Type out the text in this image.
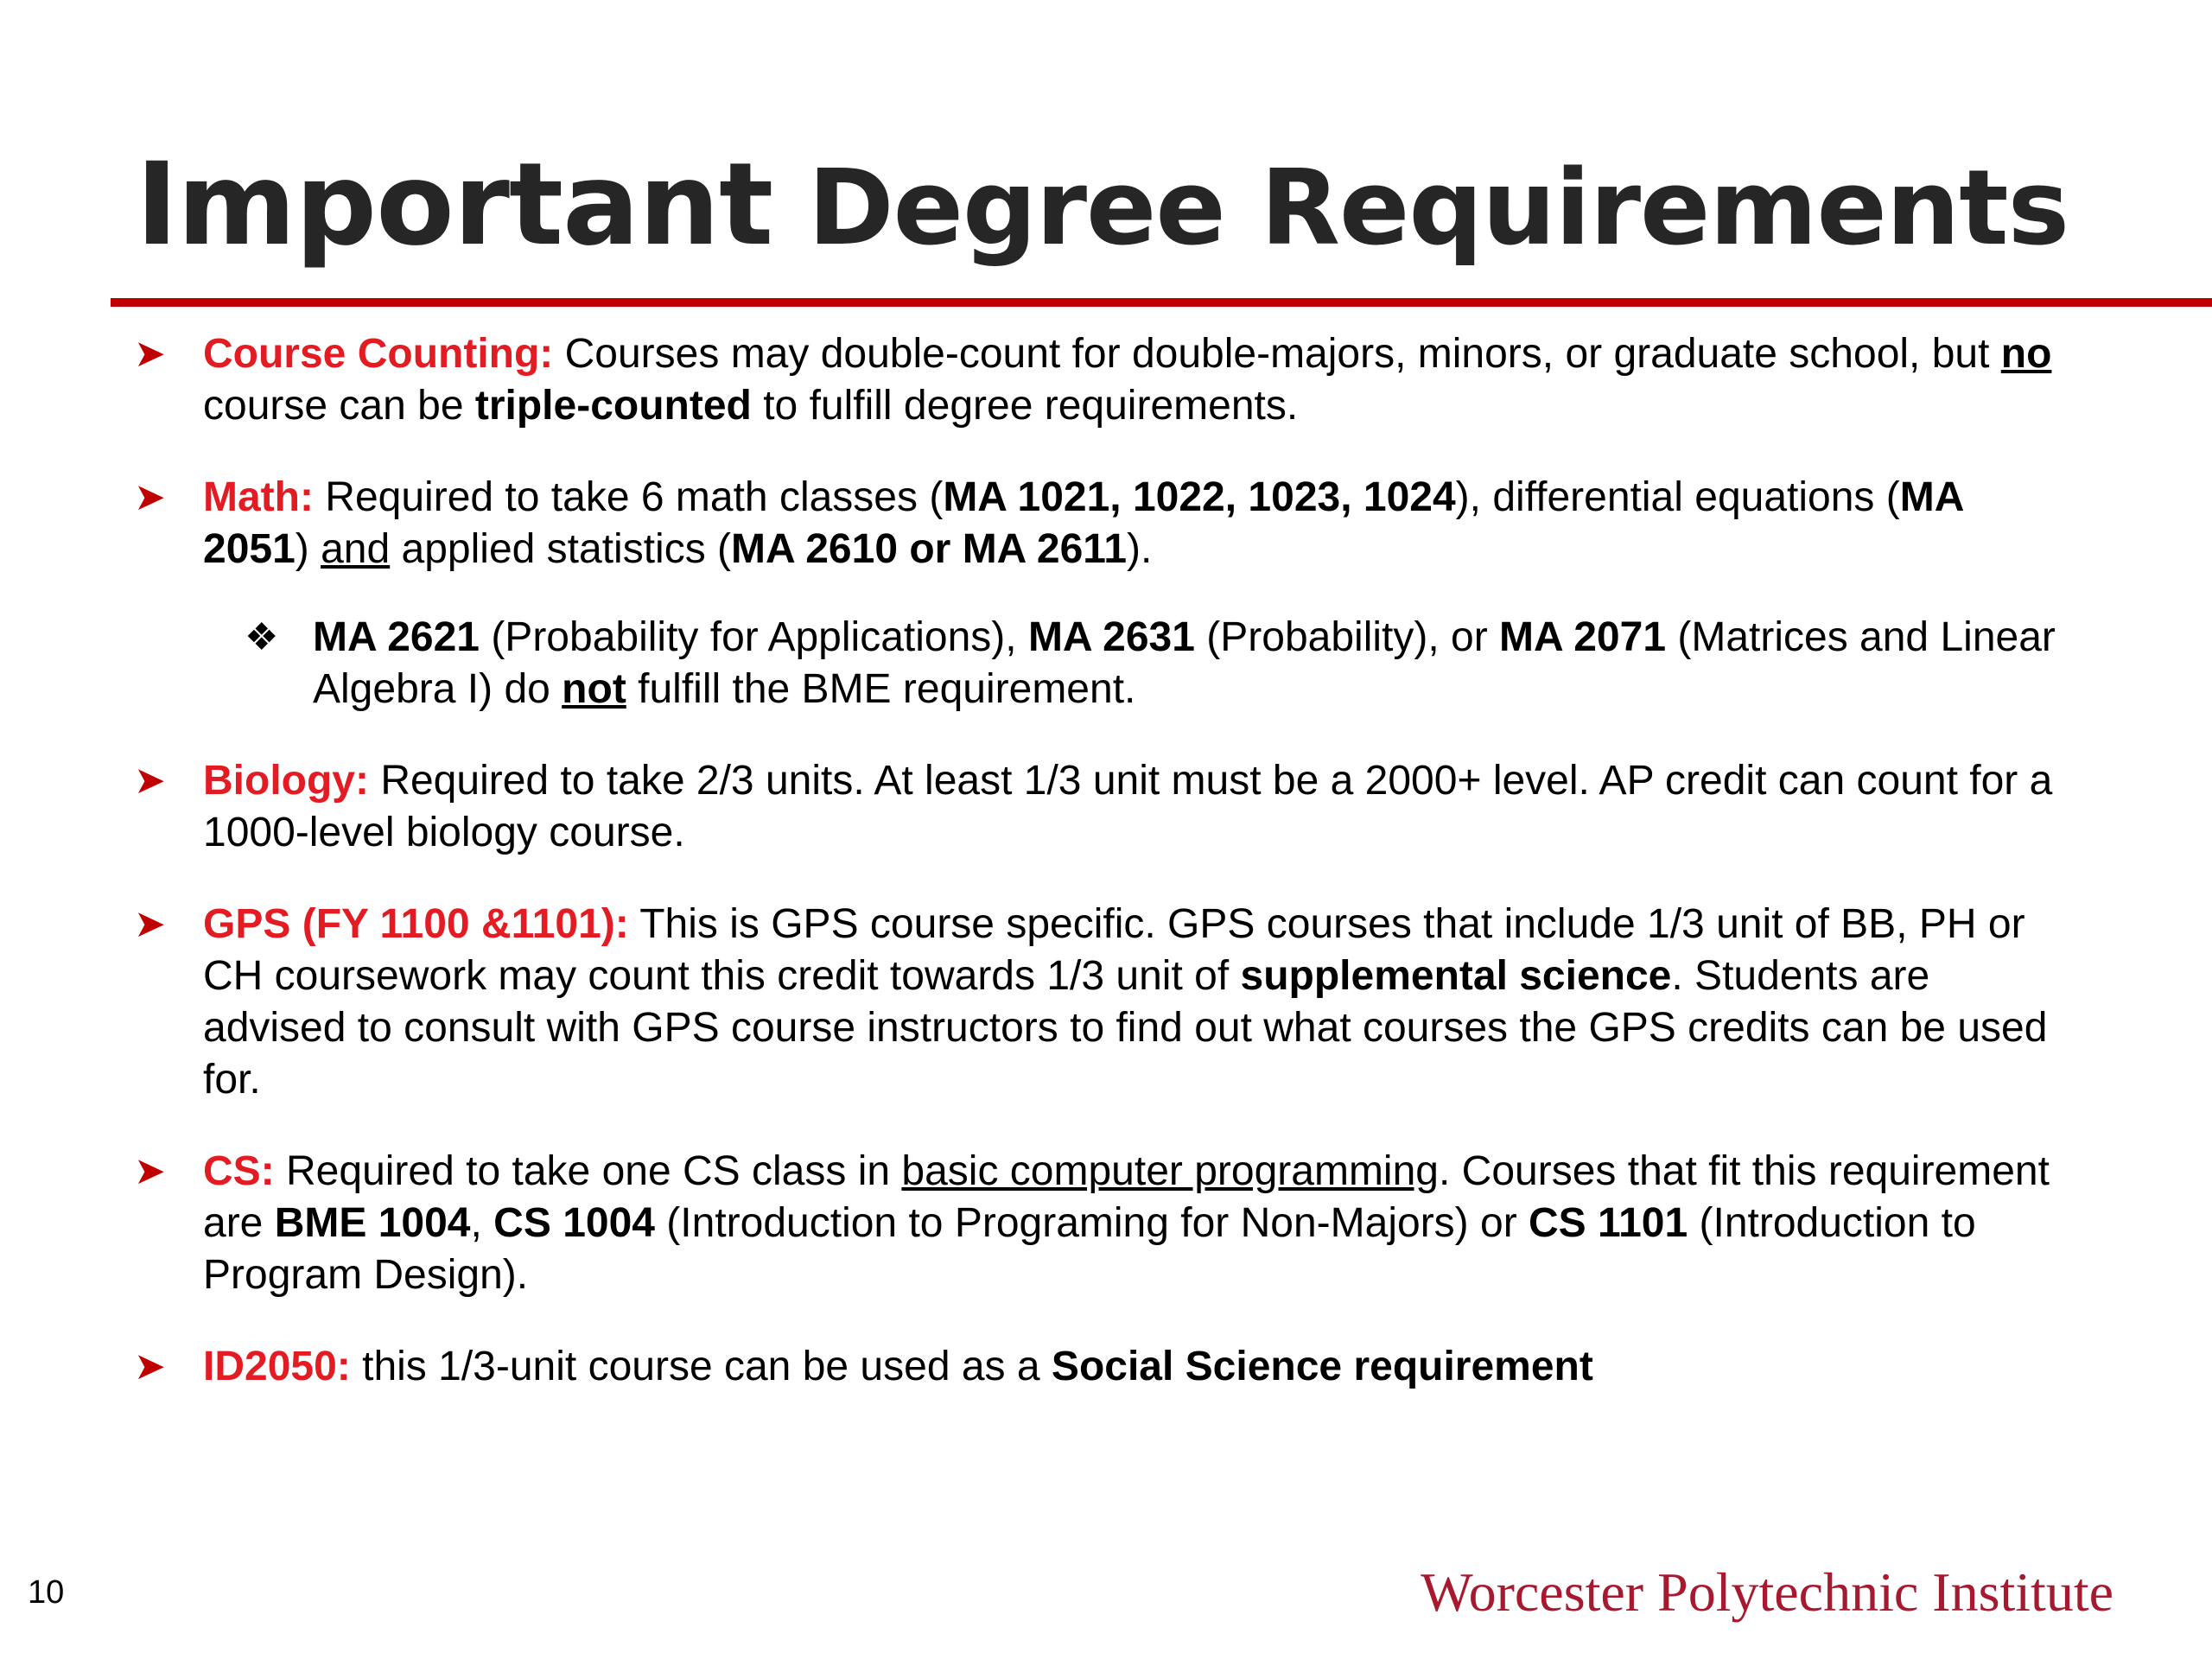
Important Degree Requirements
➤ Course Counting: Courses may double-count for double-majors, minors, or graduate school, but no course can be triple-counted to fulfill degree requirements.
➤ Math: Required to take 6 math classes (MA 1021, 1022, 1023, 1024), differential equations (MA 2051) and applied statistics (MA 2610 or MA 2611).
❖ MA 2621 (Probability for Applications), MA 2631 (Probability), or MA 2071 (Matrices and Linear Algebra I) do not fulfill the BME requirement.
➤ Biology: Required to take 2/3 units. At least 1/3 unit must be a 2000+ level. AP credit can count for a 1000-level biology course.
➤ GPS (FY 1100 &1101): This is GPS course specific. GPS courses that include 1/3 unit of BB, PH or CH coursework may count this credit towards 1/3 unit of supplemental science. Students are advised to consult with GPS course instructors to find out what courses the GPS credits can be used for.
➤ CS: Required to take one CS class in basic computer programming. Courses that fit this requirement are BME 1004, CS 1004 (Introduction to Programing for Non-Majors) or CS 1101 (Introduction to Program Design).
➤ ID2050: this 1/3-unit course can be used as a Social Science requirement
10	Worcester Polytechnic Institute
